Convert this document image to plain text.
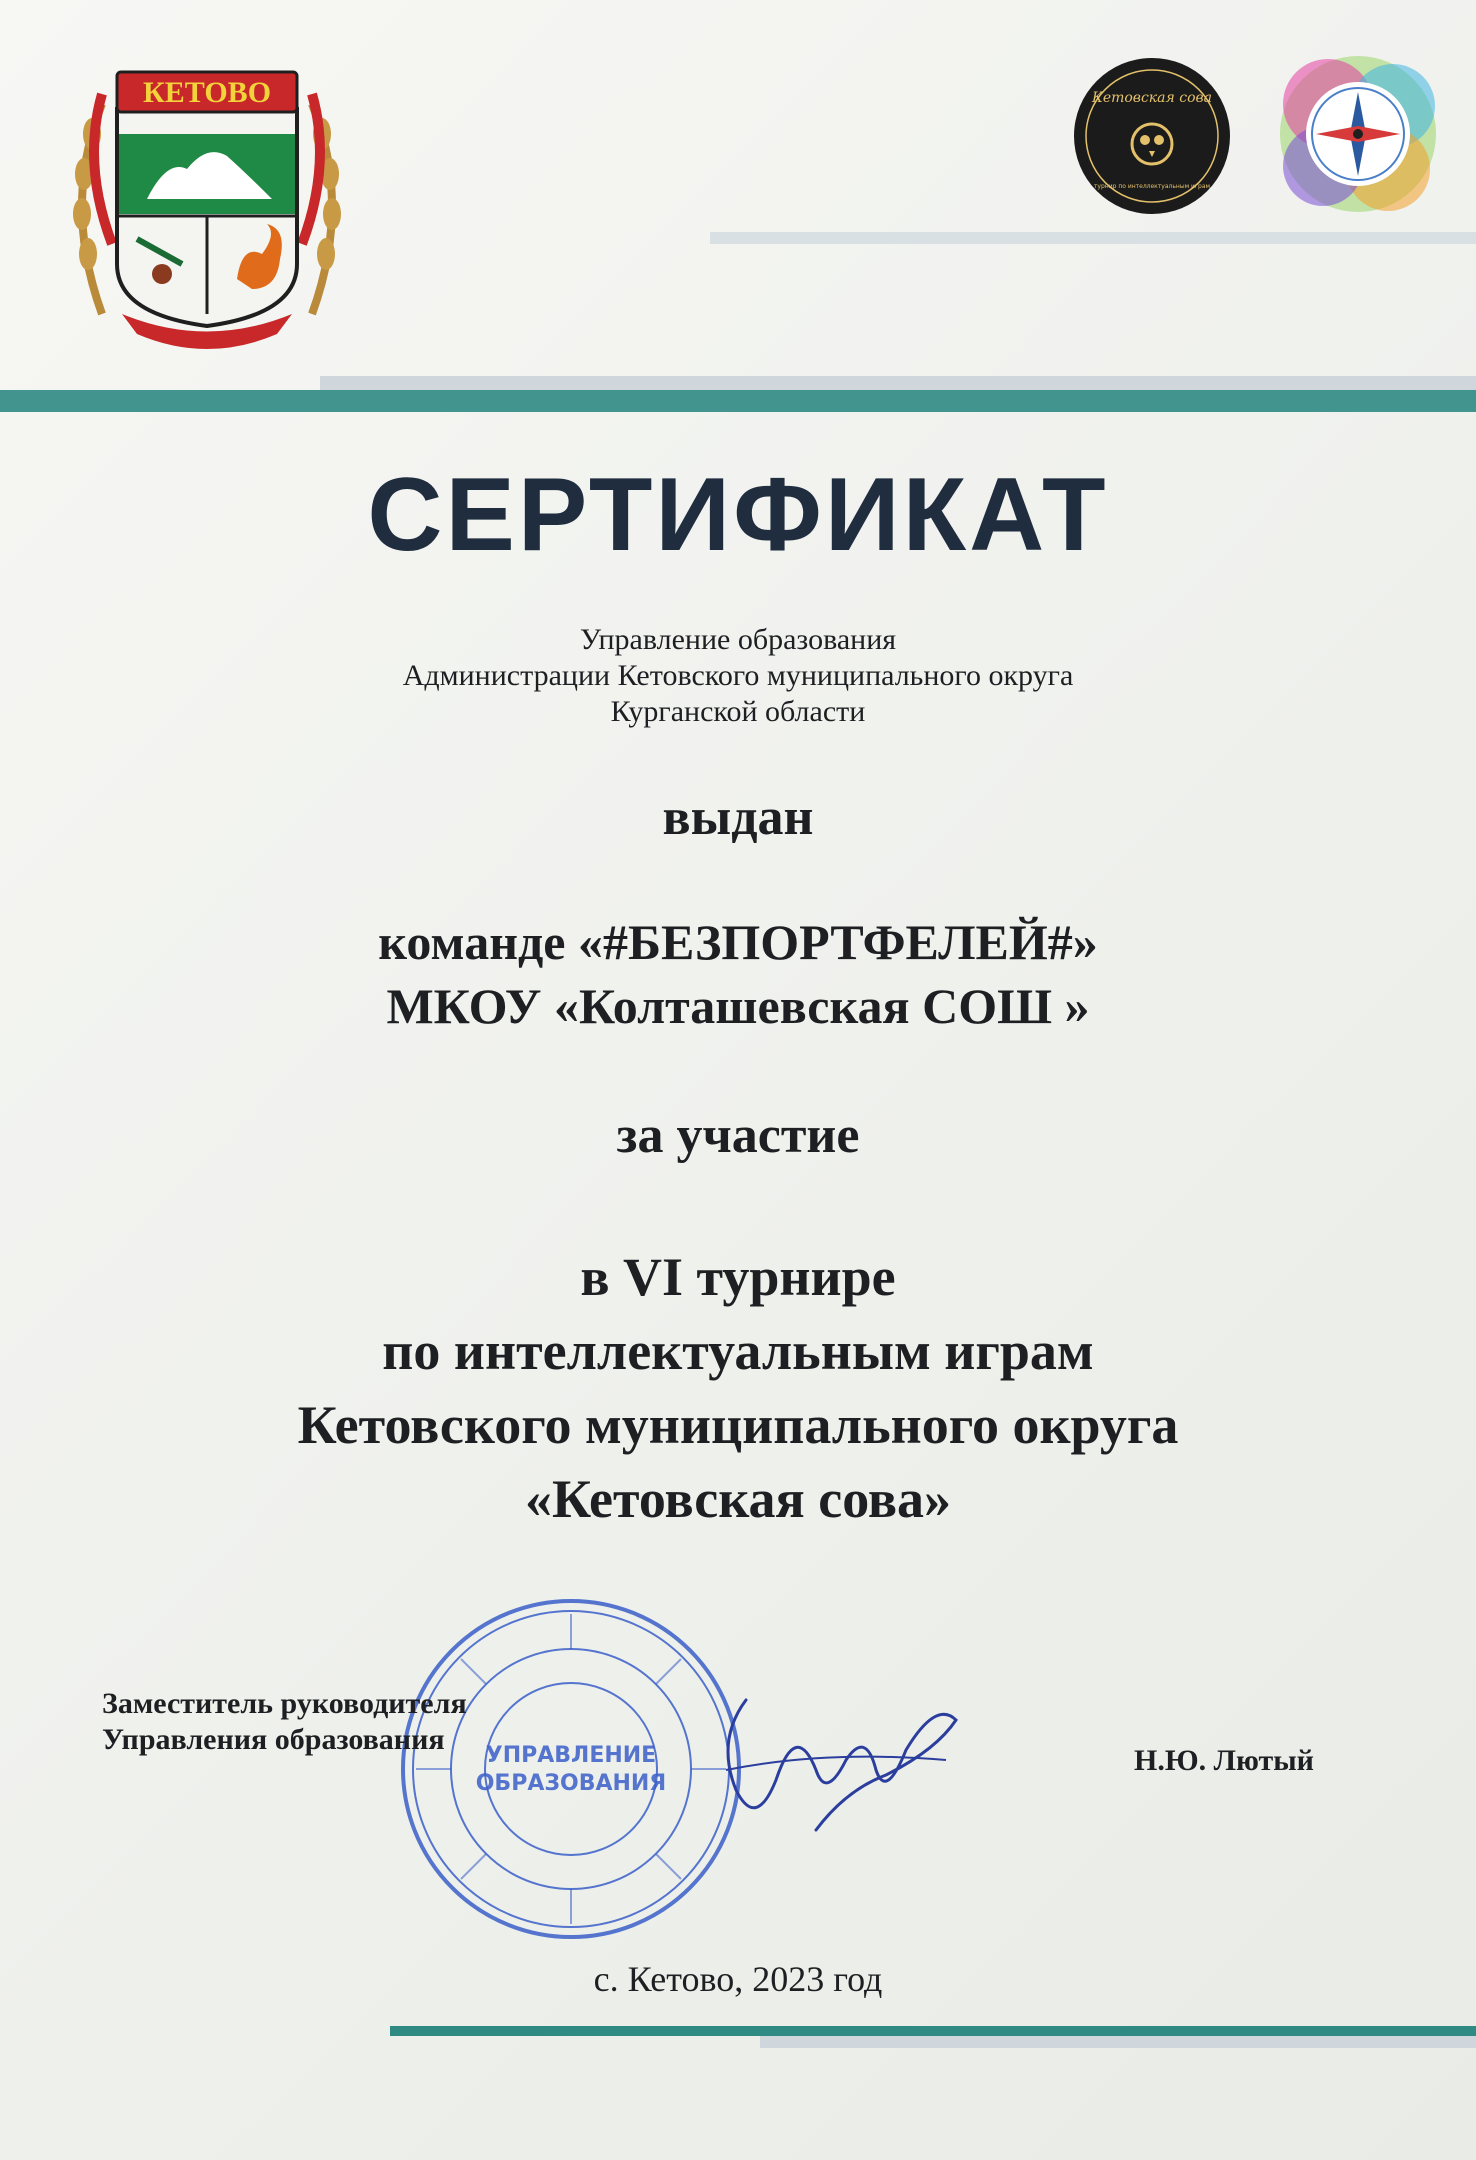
КЕТОВО	Кетовская сова
турнир по интеллектуальным играм
СЕРТИФИКАТ
Управление образования
Администрации Кетовского муниципального округа
Курганской области
выдан
команде «#БЕЗПОРТФЕЛЕЙ#»
МКОУ «Колташевская СОШ »
за участие
в VI турнире
по интеллектуальным играм
Кетовского муниципального округа
«Кетовская сова»
УПРАВЛЕНИЕ
ОБРАЗОВАНИЯ
Заместитель руководителя
Управления образования
Н.Ю. Лютый
с. Кетово, 2023 год
